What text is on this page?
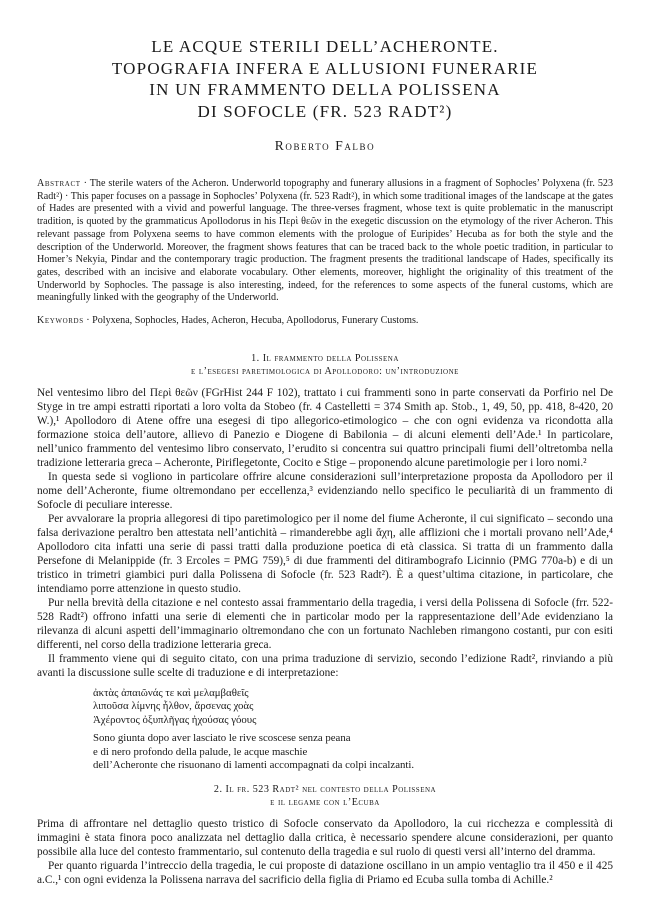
LE ACQUE STERILI DELL’ACHERONTE.
TOPOGRAFIA INFERA E ALLUSIONI FUNERARIE
IN UN FRAMMENTO DELLA POLISSENA
DI SOFOCLE (FR. 523 RADT²)
Roberto Falbo

Abstract · The sterile waters of the Acheron. Underworld topography and funerary allusions in a fragment of Sophocles’ Polyxena (fr. 523 Radt²) · This paper focuses on a passage in Sophocles’ Polyxena (fr. 523 Radt²), in which some traditional images of the landscape at the gates of Hades are presented with a vivid and powerful language. The three-verses fragment, whose text is quite problematic in the manuscript tradition, is quoted by the grammaticus Apollodorus in his Περὶ θεῶν in the exegetic discussion on the etymology of the river Acheron. This relevant passage from Polyxena seems to have common elements with the prologue of Euripides’ Hecuba as for both the style and the description of the Underworld. Moreover, the fragment shows features that can be traced back to the whole poetic tradition, in particular to Homer’s Nekyia, Pindar and the contemporary tragic production. The fragment presents the traditional landscape of Hades, specifically its gates, described with an incisive and elaborate vocabulary. Other elements, moreover, highlight the originality of this treatment of the Underworld by Sophocles. The passage is also interesting, indeed, for the references to some aspects of the funeral customs, which are meaningfully linked with the geography of the Underworld.

Keywords · Polyxena, Sophocles, Hades, Acheron, Hecuba, Apollodorus, Funerary Customs.

1. Il frammento della Polissena
e l’esegesi paretimologica di Apollodoro: un’introduzione

Nel ventesimo libro del Περὶ θεῶν (FGrHist 244 F 102), trattato i cui frammenti sono in parte conservati da Porfirio nel De Styge in tre ampi estratti riportati a loro volta da Stobeo (fr. 4 Castelletti = 374 Smith ap. Stob., 1, 49, 50, pp. 418, 8-420, 20 W.),¹ Apollodoro di Atene offre una esegesi di tipo allegorico-etimologico – che con ogni evidenza va ricondotta alla formazione stoica dell’autore, allievo di Panezio e Diogene di Babilonia – di alcuni elementi dell’Ade.¹ In particolare, nell’unico frammento del ventesimo libro conservato, l’erudito si concentra sui quattro principali fiumi dell’oltretomba nella tradizione letteraria greca – Acheronte, Piriflegetonte, Cocito e Stige – proponendo alcune paretimologie per i loro nomi.²

In questa sede si vogliono in particolare offrire alcune considerazioni sull’interpretazione proposta da Apollodoro per il nome dell’Acheronte, fiume oltremondano per eccellenza,³ evidenziando nello specifico le peculiarità di un frammento di Sofocle di peculiare interesse.

Per avvalorare la propria allegoresi di tipo paretimologico per il nome del fiume Acheronte, il cui significato – secondo una falsa derivazione peraltro ben attestata nell’antichità – rimanderebbe agli ἄχη, alle afflizioni che i mortali provano nell’Ade,⁴ Apollodoro cita infatti una serie di passi tratti dalla produzione poetica di età classica. Si tratta di un frammento dalla Persefone di Melanippide (fr. 3 Ercoles = PMG 759),⁵ di due frammenti del ditirambografo Licinnio (PMG 770a-b) e di un tristico in trimetri giambici puri dalla Polissena di Sofocle (fr. 523 Radt²). È a quest’ultima citazione, in particolare, che intendiamo porre attenzione in questo studio.

Pur nella brevità della citazione e nel contesto assai frammentario della tragedia, i versi della Polissena di Sofocle (frr. 522-528 Radt²) offrono infatti una serie di elementi che in particolar modo per la rappresentazione dell’Ade evidenziano la rilevanza di alcuni aspetti dell’immaginario oltremondano che con un fortunato Nachleben rimangono costanti, pur con esiti differenti, nel corso della tradizione letteraria greca.

Il frammento viene qui di seguito citato, con una prima traduzione di servizio, secondo l’edizione Radt², rinviando a più avanti la discussione sulle scelte di traduzione e di interpretazione:

ἀκτὰς ἀπαιῶνάς τε καὶ μελαμβαθεῖς
λιποῦσα λίμνης ἦλθον, ἄρσενας χοὰς
Ἀχέροντος ὀξυπλῆγας ἠχούσας γόους
Sono giunta dopo aver lasciato le rive scoscese senza peana
e di nero profondo della palude, le acque maschie
dell’Acheronte che risuonano di lamenti accompagnati da colpi incalzanti.
2. Il fr. 523 Radt² nel contesto della Polissena
e il legame con l’Ecuba

Prima di affrontare nel dettaglio questo tristico di Sofocle conservato da Apollodoro, la cui ricchezza e complessità di immagini è stata finora poco analizzata nel dettaglio dalla critica, è necessario spendere alcune considerazioni, per quanto possibile alla luce del contesto frammentario, sul contenuto della tragedia e sul ruolo di questi versi all’interno del dramma.

Per quanto riguarda l’intreccio della tragedia, le cui proposte di datazione oscillano in un ampio ventaglio tra il 450 e il 425 a.C.,¹ con ogni evidenza la Polissena narrava del sacrificio della figlia di Priamo ed Ecuba sulla tomba di Achille.²
